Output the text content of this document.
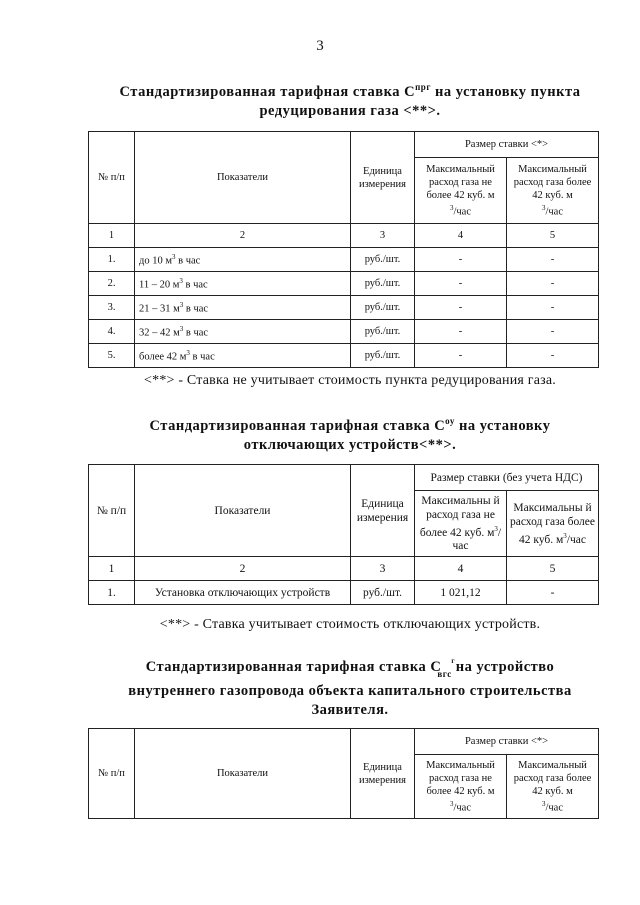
3
Стандартизированная тарифная ставка $С^{прг}$ на установку пункта
редуцирования газа <**>.
№ п/п	Показатели	Единица измерения	Размер ставки <*>	
			Максимальный расход газа не более 42 куб. м
$^3$/час	Максимальный расход газа более 42 куб. м
$^3$/час
1	2	3	4	5
1.	до 10 $м^3$ в час	руб./шт.	-	-
2.	11 – 20 $м^3$ в час	руб./шт.	-	-
3.	21 – 31 $м^3$ в час	руб./шт.	-	-
4.	32 – 42 $м^3$ в час	руб./шт.	-	-
5.	более 42 $м^3$ в час	руб./шт.	-	-
<**> - Ставка не учитывает стоимость пункта редуцирования газа.
Стандартизированная тарифная ставка $С^{оу}$ на установку
отключающих устройств<**>.
№ п/п	Показатели	Единица измерения	Размер ставки (без учета НДС)	
			Максимальны й расход газа не более 42 куб. $м^3$/час	Максимальны й расход газа более 42 куб. $м^3$/час
1	2	3	4	5
1.	Установка отключающих устройств	руб./шт.	1 021,12	-
<**> - Ставка учитывает стоимость отключающих устройств.
Стандартизированная тарифная ставка С г
$_{вгс}$ на устройство
внутреннего газопровода объекта капитального строительства
Заявителя.
№ п/п	Показатели	Единица измерения	Размер ставки <*>	
			Максимальный расход газа не более 42 куб. м
$^3$/час	Максимальный расход газа более 42 куб. м
$^3$/час
